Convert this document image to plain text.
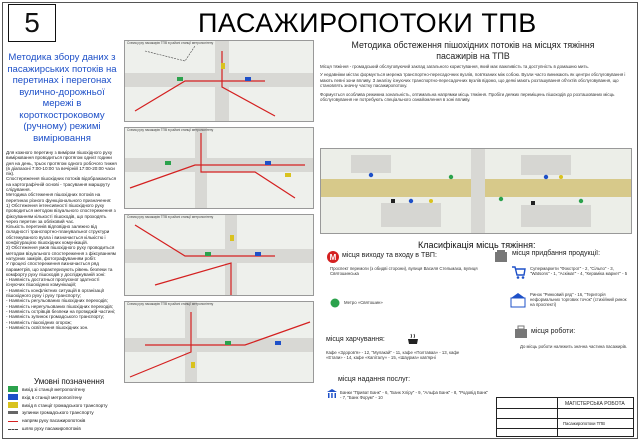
5	ПАСАЖИРОПОТОКИ ТПВ
Методика збору даних з пасажирських потоків на перетинах і перегонах вулично-дорожньої мережі в короткостроковому (ручному) режимі вимірювання

Для кожного перетину з виміром пішохідного руху вимірювання проводиться протягом однієї години дня на день, трьох протягом одного робочого тижня (в діапазоні 7:00-10:00 та вечірній 17:00-20:00 часи пік).

Спостереження пішохідних потоків відображаються на картографічній основі - трасування маршруту слідування.

Методика обстеження пішохідних потоків на перетинах різного функціонального призначення:

1) Обстеження інтенсивності пішохідного руху проводиться методом візуального спостереження з фіксуванням кількості пішоходів, що проходять через перетин за обліковий час.

Кількість перетинів відповідно залежно від складності транспортно-планувальної структури обстежуваного вузла і визначається кількістю і конфігурацією пішохідних комунікацій.

2) Обстеження умов пішохідного руху проводиться методом візуального спостереження з фіксуванням натурних замірів, фотографуванням робіт.

У процесі спостереження визначається ряд параметрів, що характеризують рівень безпеки та комфорту руху пішоходів у досліджуваній зоні:

- Наявність достатньої пропускної здатності існуючих пішохідних комунікацій;

- Наявність конфліктних ситуацій в організації пішохідного руху і руху транспорту;

- Наявність регульованих пішохідних переходів;

- Наявність нерегульованих пішохідних переходів;

- Наявність острівців безпеки на проїжджій частині;

- Наявність зупинок громадського транспорту;

- Наявність пішохідних огорож;

- Наявність освітлення пішохідних зон.

Умовні позначення
вихід зі станції метрополітену
вхід в станції метрополітену
вихід в станції громадського транспорту
зупинки громадського транспорту
напрям руху пасажиропотоків
шлях руху пасажиропотоків
Схема руху пасажирів ТПВ в районі станції метрополітену
Схема руху пасажирів ТПВ в районі станції метрополітену
Схема руху пасажирів ТПВ в районі станції метрополітену
Схема руху пасажирів ТПВ в районі станції метрополітену
Методика обстеження пішохідних потоків на місцях тяжіння пасажирів на ТПВ

Місця тяжіння - громадський обслуговуючий заклад загального користування, який має важливість та доступність в домашню мить.

У недавніми містах формується мережа транспортно-пересадочних вузлів, пов'язаних між собою. Вузли часто виникають як центри обслуговування і мають певні зони впливу. З аналізу існуючих транспортно-пересадочних вузлів відомо, що деякі мають розташування об'єктів обслуговування, що становлять значну частку пасажиропотоку.

Формується особлива режимна зональність, оптимальна напрямки місць тяжіння. Пробіги деяких переміщень пішоходів до розташованих місць обслуговування не потребують спеціального ознайомлення в зоні впливу.

Класифікація місць тяжіння:
M місця виходу та входу в ТВП:
Проспект перемоги (з обидві сторони), вулиця Василя Стельмаха, вулиця Святошинська
Метро «Святошин»
місця придбання продукції:
Супермаркети "Фокстрот" - 2, "Сільпо" - 3, "Watsons" - 1, "Аскімат" - 4, "Кераміка маркет" - 5
Ринок "Ринковий ряд" - 16, "Територія неформальних торгових точок" (стихійний ринок на проспекті)
місця харчування:
Кафе «Здоров'я» - 12, "Мулакай" - 11, кафе «Полтаваа» - 13, кафе «Етапи» - 14, кафе «Капіталу» - 15, «Шаурма» кав'ярні
місця роботи:
До місць роботи належить значна частина пасажирів.
місця надання послуг:
Банки "Приват Банк" - 6, "Банк Хліру" - 9, "Альфа Банк" - 8, "Родовід Банк" - 7, "Банк Форум" - 10
МАГІСТЕРСЬКА РОБОТА
Пасажиропотоки ТПВ
